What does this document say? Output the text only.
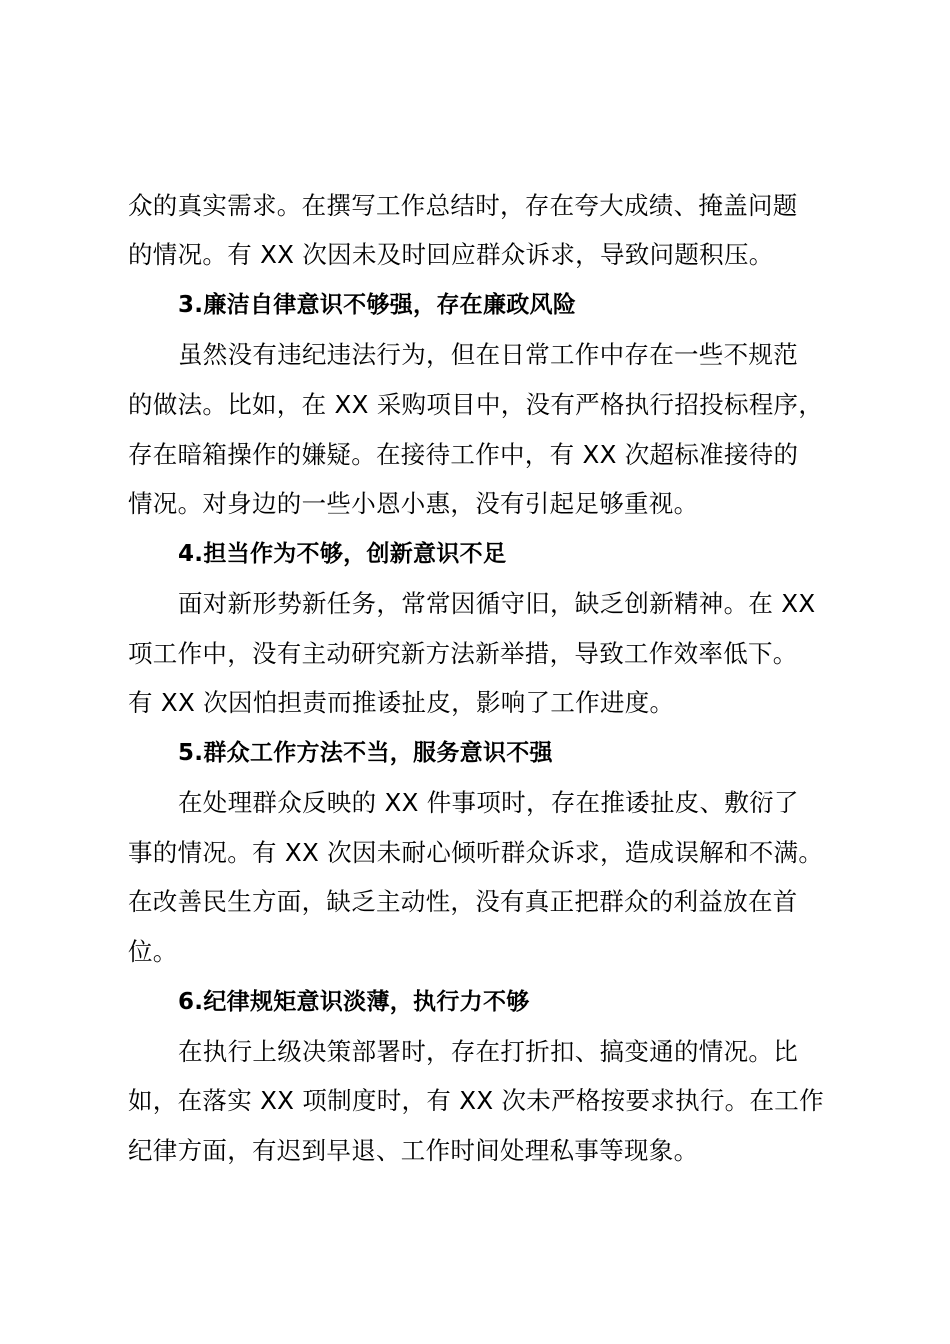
众的真实需求。在撰写工作总结时，存在夸大成绩、掩盖问题
的情况。有 XX 次因未及时回应群众诉求，导致问题积压。
3.廉洁自律意识不够强，存在廉政风险
虽然没有违纪违法行为，但在日常工作中存在一些不规范
的做法。比如，在 XX 采购项目中，没有严格执行招投标程序，
存在暗箱操作的嫌疑。在接待工作中，有 XX 次超标准接待的
情况。对身边的一些小恩小惠，没有引起足够重视。
4.担当作为不够，创新意识不足
面对新形势新任务，常常因循守旧，缺乏创新精神。在 XX
项工作中，没有主动研究新方法新举措，导致工作效率低下。
有 XX 次因怕担责而推诿扯皮，影响了工作进度。
5.群众工作方法不当，服务意识不强
在处理群众反映的 XX 件事项时，存在推诿扯皮、敷衍了
事的情况。有 XX 次因未耐心倾听群众诉求，造成误解和不满。
在改善民生方面，缺乏主动性，没有真正把群众的利益放在首
位。
6.纪律规矩意识淡薄，执行力不够
在执行上级决策部署时，存在打折扣、搞变通的情况。比
如，在落实 XX 项制度时，有 XX 次未严格按要求执行。在工作
纪律方面，有迟到早退、工作时间处理私事等现象。
